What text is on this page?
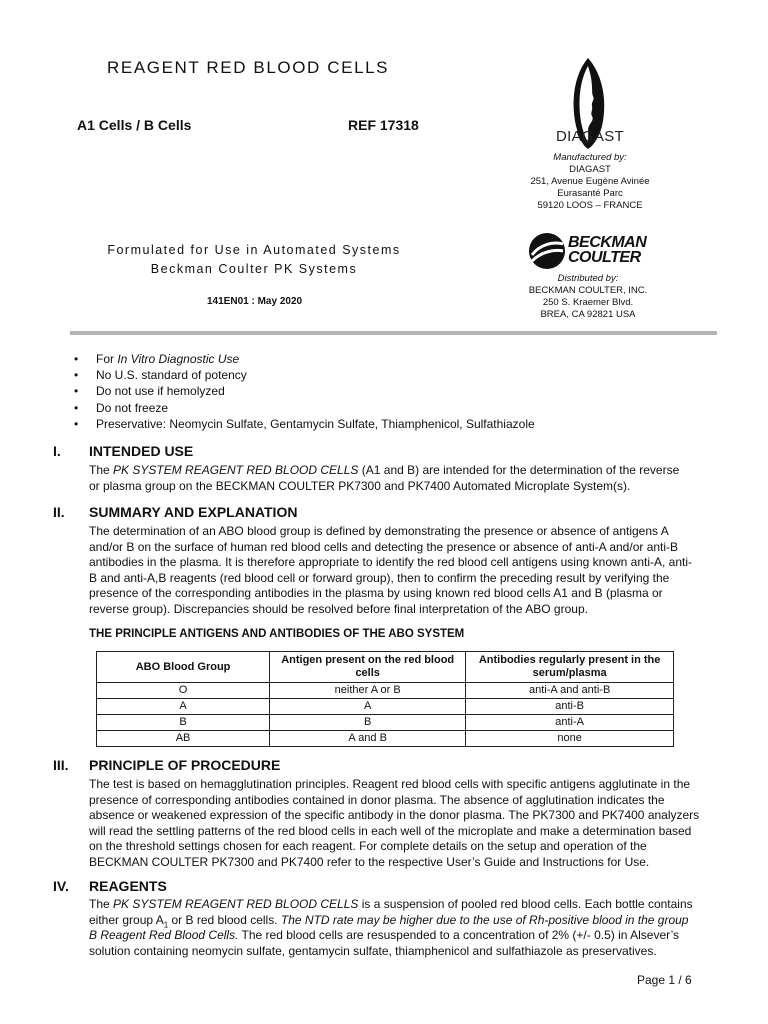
REAGENT RED BLOOD CELLS
A1 Cells / B Cells	REF 17318
Formulated for Use in Automated Systems
Beckman Coulter PK Systems
141EN01 : May 2020
DIAGAST
Manufactured by:
DIAGAST
251, Avenue Eugène Avinée
Eurasanté Parc
59120 LOOS – FRANCE
BECKMAN
COULTER
Distributed by:
BECKMAN COULTER, INC.
250 S. Kraemer Blvd.
BREA, CA 92821 USA
• For In Vitro Diagnostic Use
• No U.S. standard of potency
• Do not use if hemolyzed
• Do not freeze
• Preservative: Neomycin Sulfate, Gentamycin Sulfate, Thiamphenicol, Sulfathiazole
I. INTENDED USE
The PK SYSTEM REAGENT RED BLOOD CELLS (A1 and B) are intended for the determination of the reverse
or plasma group on the BECKMAN COULTER PK7300 and PK7400 Automated Microplate System(s).
II. SUMMARY AND EXPLANATION
The determination of an ABO blood group is defined by demonstrating the presence or absence of antigens A
and/or B on the surface of human red blood cells and detecting the presence or absence of anti-A and/or anti-B
antibodies in the plasma. It is therefore appropriate to identify the red blood cell antigens using known anti-A, anti-
B and anti-A,B reagents (red blood cell or forward group), then to confirm the preceding result by verifying the
presence of the corresponding antibodies in the plasma by using known red blood cells A1 and B (plasma or
reverse group). Discrepancies should be resolved before final interpretation of the ABO group.
THE PRINCIPLE ANTIGENS AND ANTIBODIES OF THE ABO SYSTEM
ABO Blood Group	Antigen present on the red blood cells	Antibodies regularly present in the serum/plasma
O	neither A or B	anti-A and anti-B
A	A	anti-B
B	B	anti-A
AB	A and B	none
III. PRINCIPLE OF PROCEDURE
The test is based on hemagglutination principles. Reagent red blood cells with specific antigens agglutinate in the
presence of corresponding antibodies contained in donor plasma. The absence of agglutination indicates the
absence or weakened expression of the specific antibody in the donor plasma. The PK7300 and PK7400 analyzers
will read the settling patterns of the red blood cells in each well of the microplate and make a determination based
on the threshold settings chosen for each reagent. For complete details on the setup and operation of the
BECKMAN COULTER PK7300 and PK7400 refer to the respective User’s Guide and Instructions for Use.
IV. REAGENTS
The PK SYSTEM REAGENT RED BLOOD CELLS is a suspension of pooled red blood cells. Each bottle contains
either group $A_1$ or B red blood cells. The NTD rate may be higher due to the use of Rh-positive blood in the group
B Reagent Red Blood Cells. The red blood cells are resuspended to a concentration of 2% (+/- 0.5) in Alsever’s
solution containing neomycin sulfate, gentamycin sulfate, thiamphenicol and sulfathiazole as preservatives.
Page 1 / 6
